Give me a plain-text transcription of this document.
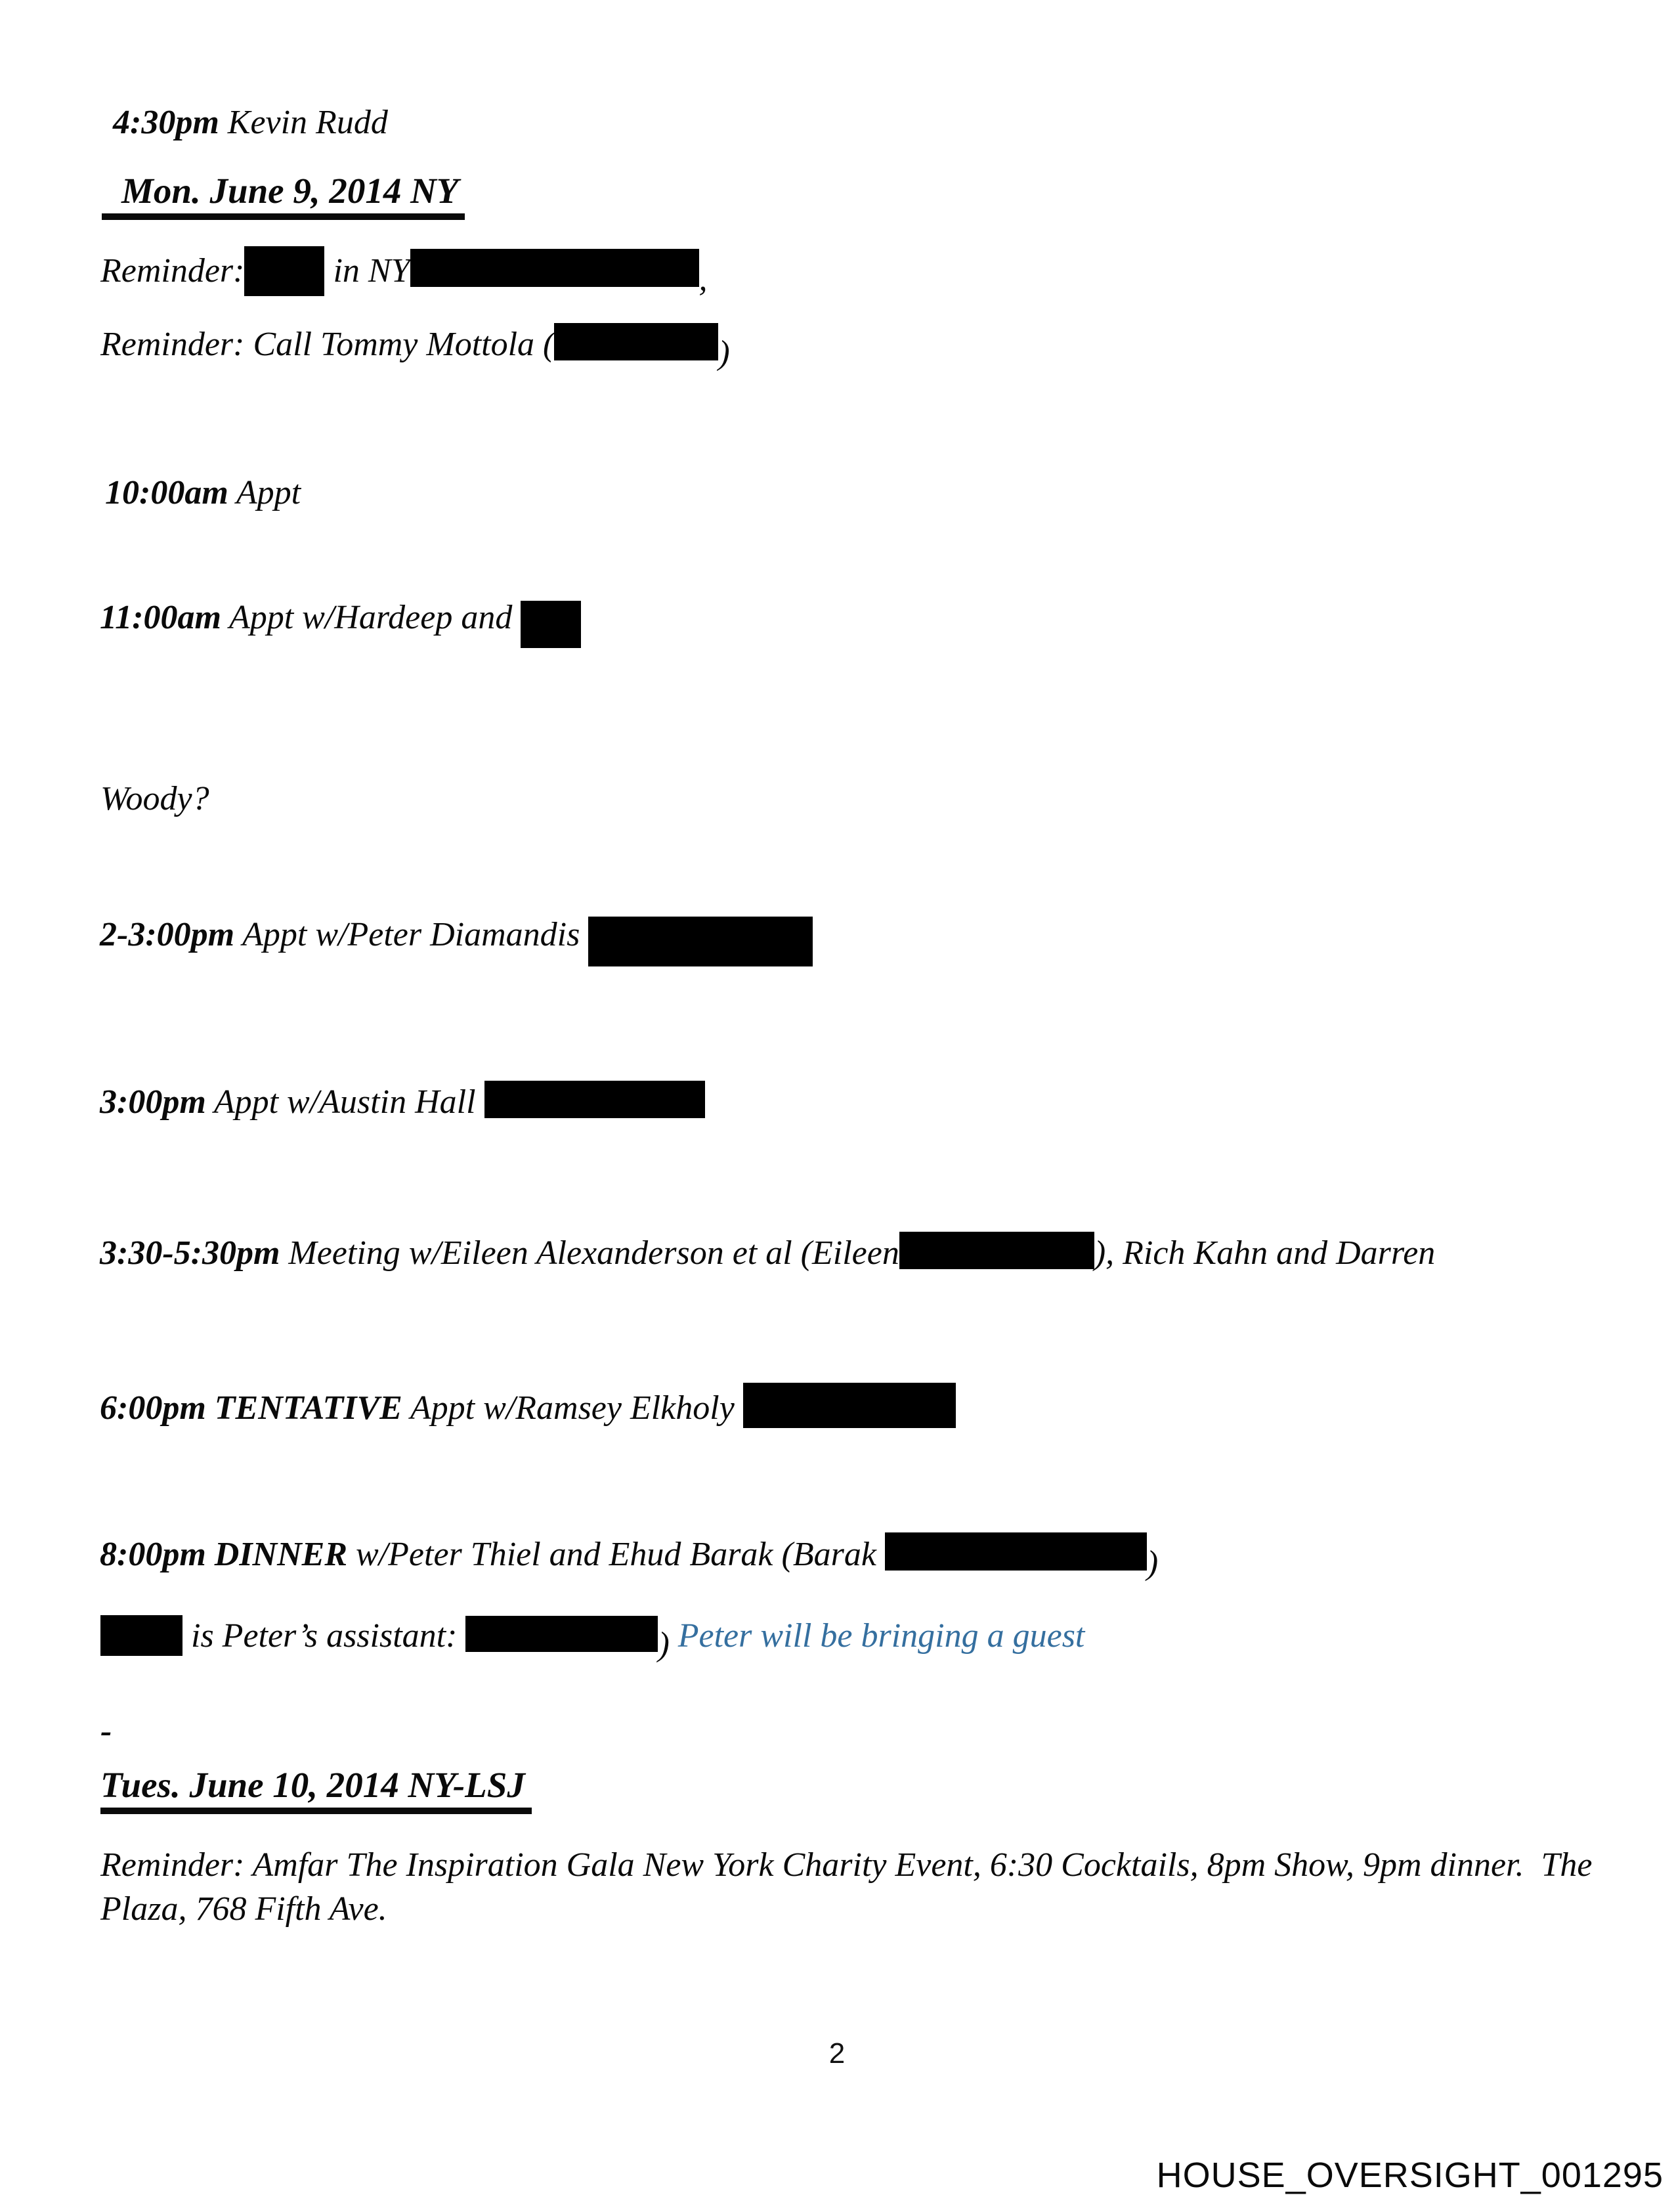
4:30pm Kevin Rudd
Mon. June 9, 2014 NY
Reminder: in NY	,
Reminder: Call Tommy Mottola (	)
10:00am Appt
11:00am Appt w/Hardeep and
Woody?
2-3:00pm Appt w/Peter Diamandis
3:00pm Appt w/Austin Hall
3:30-5:30pm Meeting w/Eileen Alexanderson et al (Eileen	), Rich Kahn and Darren
6:00pm TENTATIVE Appt w/Ramsey Elkholy
8:00pm DINNER w/Peter Thiel and Ehud Barak (Barak	)
is Peter’s assistant:	) Peter will be bringing a guest
-
Tues. June 10, 2014 NY-LSJ
Reminder: Amfar The Inspiration Gala New York Charity Event, 6:30 Cocktails, 8pm Show, 9pm dinner.  The
Plaza, 768 Fifth Ave.
2
HOUSE_OVERSIGHT_001295
